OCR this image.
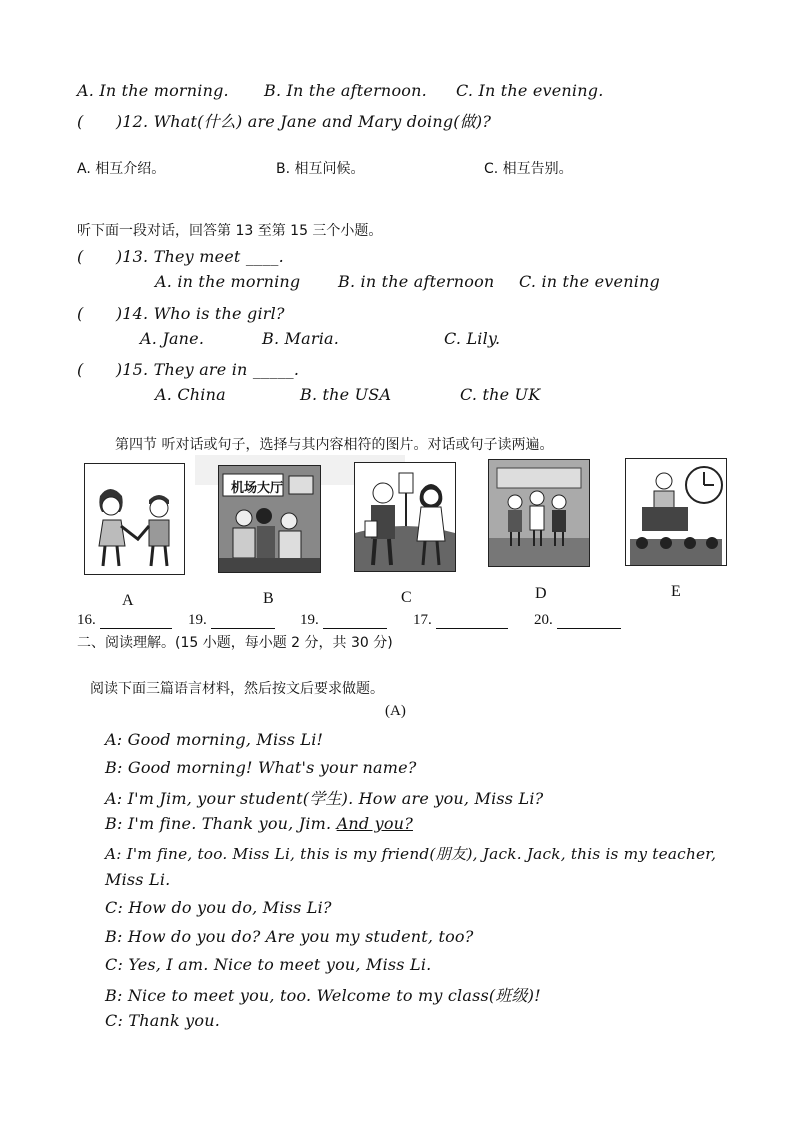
A. In the morning. B. In the afternoon. C. In the evening.
(　　)12. What(什么) are Jane and Mary doing(做)?
A. 相互介绍。	B. 相互问候。	C. 相互告别。
听下面一段对话，回答第 13 至第 15 三个小题。
(　　)13. They meet ____.
A. in the morning B. in the afternoon C. in the evening
(　　)14. Who is the girl?
A. Jane.	B. Maria.	C. Lily.
(　　)15. They are in _____.
A. China	B. the USA	C. the UK
第四节 听对话或句子，选择与其内容相符的图片。对话或句子读两遍。
机场大厅
A	B	C	D	E
16.	19.	19.	17.	20.
二、阅读理解。(15 小题，每小题 2 分，共 30 分)
阅读下面三篇语言材料，然后按文后要求做题。
(A)
A: Good morning, Miss Li!
B: Good morning! What's your name?
A: I'm Jim, your student(学生). How are you, Miss Li?
B: I'm fine. Thank you, Jim. And you?
A: I'm fine, too. Miss Li, this is my friend(朋友), Jack. Jack, this is my teacher,
Miss Li.
C: How do you do, Miss Li?
B: How do you do? Are you my student, too?
C: Yes, I am. Nice to meet you, Miss Li.
B: Nice to meet you, too. Welcome to my class(班级)!
C: Thank you.
